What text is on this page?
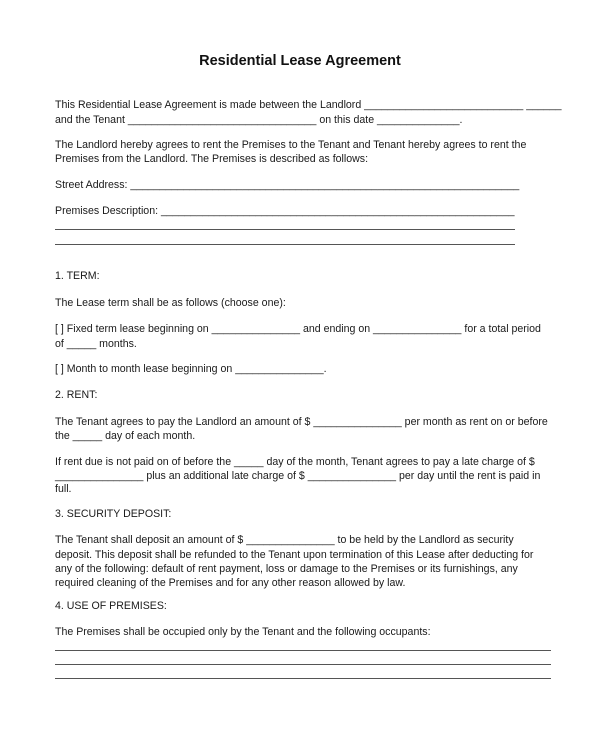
Residential Lease Agreement
This Residential Lease Agreement is made between the Landlord ___________________________ ______
and the Tenant ________________________________ on this date ______________.
The Landlord hereby agrees to rent the Premises to the Tenant and Tenant hereby agrees to rent the
Premises from the Landlord. The Premises is described as follows:
Street Address: __________________________________________________________________
Premises Description: ____________________________________________________________
1. TERM:
The Lease term shall be as follows (choose one):
[ ] Fixed term lease beginning on _______________ and ending on _______________ for a total period
of _____ months.
[ ] Month to month lease beginning on _______________.
2. RENT:
The Tenant agrees to pay the Landlord an amount of $ _______________ per month as rent on or before
the _____ day of each month.
If rent due is not paid on of before the _____ day of the month, Tenant agrees to pay a late charge of $
_______________ plus an additional late charge of $ _______________ per day until the rent is paid in
full.
3. SECURITY DEPOSIT:
The Tenant shall deposit an amount of $ _______________ to be held by the Landlord as security
deposit. This deposit shall be refunded to the Tenant upon termination of this Lease after deducting for
any of the following: default of rent payment, loss or damage to the Premises or its furnishings, any
required cleaning of the Premises and for any other reason allowed by law.
4. USE OF PREMISES:
The Premises shall be occupied only by the Tenant and the following occupants:
